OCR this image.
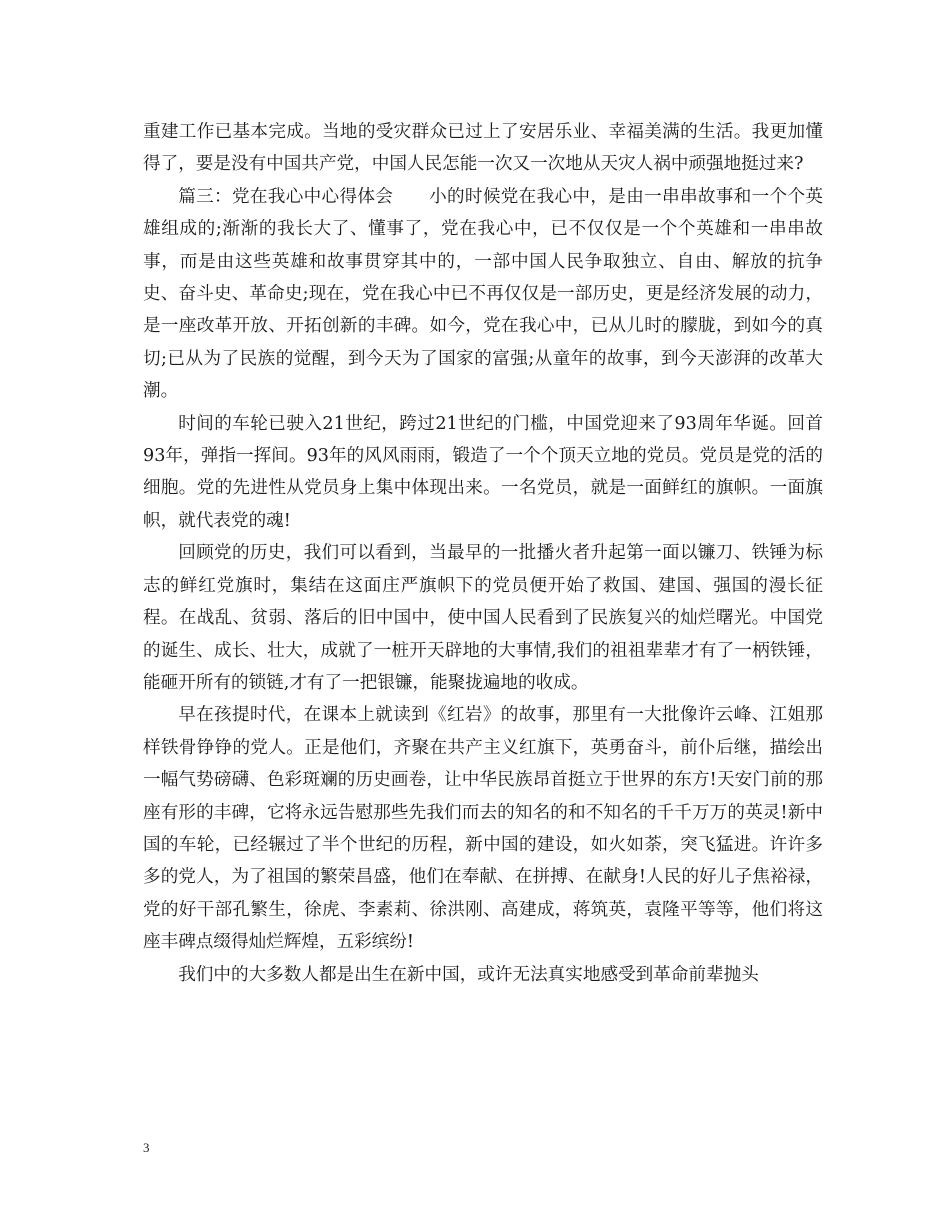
重建工作已基本完成。当地的受灾群众已过上了安居乐业、幸福美满的生活。我更加懂得了，要是没有中国共产党，中国人民怎能一次又一次地从天灾人祸中顽强地挺过来?

篇三：党在我心中心得体会　　小的时候党在我心中，是由一串串故事和一个个英雄组成的;渐渐的我长大了、懂事了，党在我心中，已不仅仅是一个个英雄和一串串故事，而是由这些英雄和故事贯穿其中的，一部中国人民争取独立、自由、解放的抗争史、奋斗史、革命史;现在，党在我心中已不再仅仅是一部历史，更是经济发展的动力，是一座改革开放、开拓创新的丰碑。如今，党在我心中，已从儿时的朦胧，到如今的真切;已从为了民族的觉醒，到今天为了国家的富强;从童年的故事，到今天澎湃的改革大潮。

时间的车轮已驶入21世纪，跨过21世纪的门槛，中国党迎来了93周年华诞。回首93年，弹指一挥间。93年的风风雨雨，锻造了一个个顶天立地的党员。党员是党的活的细胞。党的先进性从党员身上集中体现出来。一名党员，就是一面鲜红的旗帜。一面旗帜，就代表党的魂!

回顾党的历史，我们可以看到，当最早的一批播火者升起第一面以镰刀、铁锤为标志的鲜红党旗时，集结在这面庄严旗帜下的党员便开始了救国、建国、强国的漫长征程。在战乱、贫弱、落后的旧中国中，使中国人民看到了民族复兴的灿烂曙光。中国党的诞生、成长、壮大，成就了一桩开天辟地的大事情,我们的祖祖辈辈才有了一柄铁锤，能砸开所有的锁链,才有了一把银镰，能聚拢遍地的收成。

早在孩提时代，在课本上就读到《红岩》的故事，那里有一大批像许云峰、江姐那样铁骨铮铮的党人。正是他们，齐聚在共产主义红旗下，英勇奋斗，前仆后继，描绘出一幅气势磅礴、色彩斑斓的历史画卷，让中华民族昂首挺立于世界的东方!天安门前的那座有形的丰碑，它将永远告慰那些先我们而去的知名的和不知名的千千万万的英灵!新中国的车轮，已经辗过了半个世纪的历程，新中国的建设，如火如荼，突飞猛进。许许多多的党人，为了祖国的繁荣昌盛，他们在奉献、在拼搏、在献身!人民的好儿子焦裕禄，党的好干部孔繁生，徐虎、李素莉、徐洪刚、高建成，蒋筑英，袁隆平等等，他们将这座丰碑点缀得灿烂辉煌，五彩缤纷!

我们中的大多数人都是出生在新中国，或许无法真实地感受到革命前辈抛头

3
